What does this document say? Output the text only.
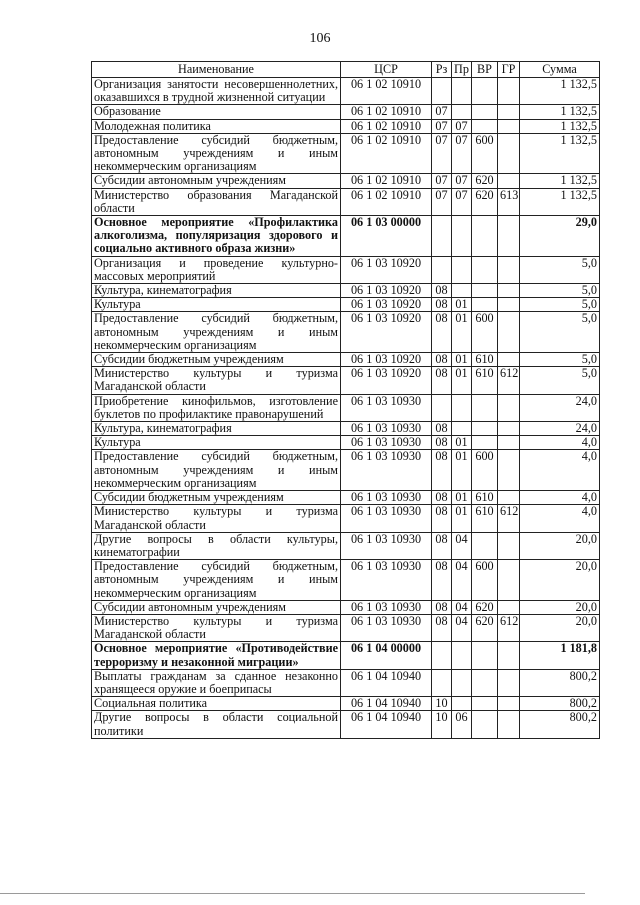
106
Наименование	ЦСР	Рз	Пр	ВР	ГР	Сумма
Организация занятости несовершеннолетних, оказавшихся в трудной жизненной ситуации	06 1 02 10910					1 132,5
Образование	06 1 02 10910	07				1 132,5
Молодежная политика	06 1 02 10910	07	07			1 132,5
Предоставление субсидий бюджетным, автономным учреждениям и иным некоммерческим организациям	06 1 02 10910	07	07	600		1 132,5
Субсидии автономным учреждениям	06 1 02 10910	07	07	620		1 132,5
Министерство образования Магаданской области	06 1 02 10910	07	07	620	613	1 132,5
Основное мероприятие «Профилактика алкоголизма, популяризация здорового и социально активного образа жизни»	06 1 03 00000					29,0
Организация и проведение культурно-массовых мероприятий	06 1 03 10920					5,0
Культура, кинематография	06 1 03 10920	08				5,0
Культура	06 1 03 10920	08	01			5,0
Предоставление субсидий бюджетным, автономным учреждениям и иным некоммерческим организациям	06 1 03 10920	08	01	600		5,0
Субсидии бюджетным учреждениям	06 1 03 10920	08	01	610		5,0
Министерство культуры и туризма Магаданской области	06 1 03 10920	08	01	610	612	5,0
Приобретение кинофильмов, изготовление буклетов по профилактике правонарушений	06 1 03 10930					24,0
Культура, кинематография	06 1 03 10930	08				24,0
Культура	06 1 03 10930	08	01			4,0
Предоставление субсидий бюджетным, автономным учреждениям и иным некоммерческим организациям	06 1 03 10930	08	01	600		4,0
Субсидии бюджетным учреждениям	06 1 03 10930	08	01	610		4,0
Министерство культуры и туризма Магаданской области	06 1 03 10930	08	01	610	612	4,0
Другие вопросы в области культуры, кинематографии	06 1 03 10930	08	04			20,0
Предоставление субсидий бюджетным, автономным учреждениям и иным некоммерческим организациям	06 1 03 10930	08	04	600		20,0
Субсидии автономным учреждениям	06 1 03 10930	08	04	620		20,0
Министерство культуры и туризма Магаданской области	06 1 03 10930	08	04	620	612	20,0
Основное мероприятие «Противодействие терроризму и незаконной миграции»	06 1 04 00000					1 181,8
Выплаты гражданам за сданное незаконно хранящееся оружие и боеприпасы	06 1 04 10940					800,2
Социальная политика	06 1 04 10940	10				800,2
Другие вопросы в области социальной политики	06 1 04 10940	10	06			800,2
